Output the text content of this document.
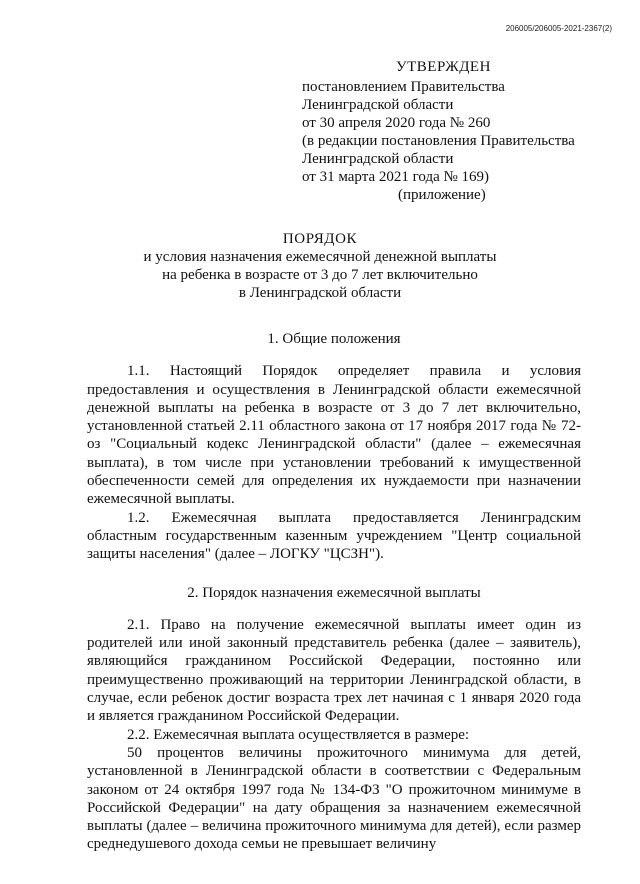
206005/206005-2021-2367(2)
УТВЕРЖДЕН
постановлением Правительства
Ленинградской области
от 30 апреля 2020 года № 260
(в редакции постановления Правительства
Ленинградской области
от 31 марта 2021 года № 169)
(приложение)
ПОРЯДОК
и условия назначения ежемесячной денежной выплаты
на ребенка в возрасте от 3 до 7 лет включительно
в Ленинградской области
1. Общие положения
1.1. Настоящий Порядок определяет правила и условия предоставления и осуществления в Ленинградской области ежемесячной денежной выплаты на ребенка в возрасте от 3 до 7 лет включительно, установленной статьей 2.11 областного закона от 17 ноября 2017 года № 72-оз "Социальный кодекс Ленинградской области" (далее – ежемесячная выплата), в том числе при установлении требований к имущественной обеспеченности семей для определения их нуждаемости при назначении ежемесячной выплаты.
1.2. Ежемесячная выплата предоставляется Ленинградским областным государственным казенным учреждением "Центр социальной защиты населения" (далее – ЛОГКУ "ЦСЗН").
2. Порядок назначения ежемесячной выплаты
2.1. Право на получение ежемесячной выплаты имеет один из родителей или иной законный представитель ребенка (далее – заявитель), являющийся гражданином Российской Федерации, постоянно или преимущественно проживающий на территории Ленинградской области, в случае, если ребенок достиг возраста трех лет начиная с 1 января 2020 года и является гражданином Российской Федерации.
2.2. Ежемесячная выплата осуществляется в размере:
50 процентов величины прожиточного минимума для детей, установленной в Ленинградской области в соответствии с Федеральным законом от 24 октября 1997 года № 134-ФЗ "О прожиточном минимуме в Российской Федерации" на дату обращения за назначением ежемесячной выплаты (далее – величина прожиточного минимума для детей), если размер среднедушевого дохода семьи не превышает величину
